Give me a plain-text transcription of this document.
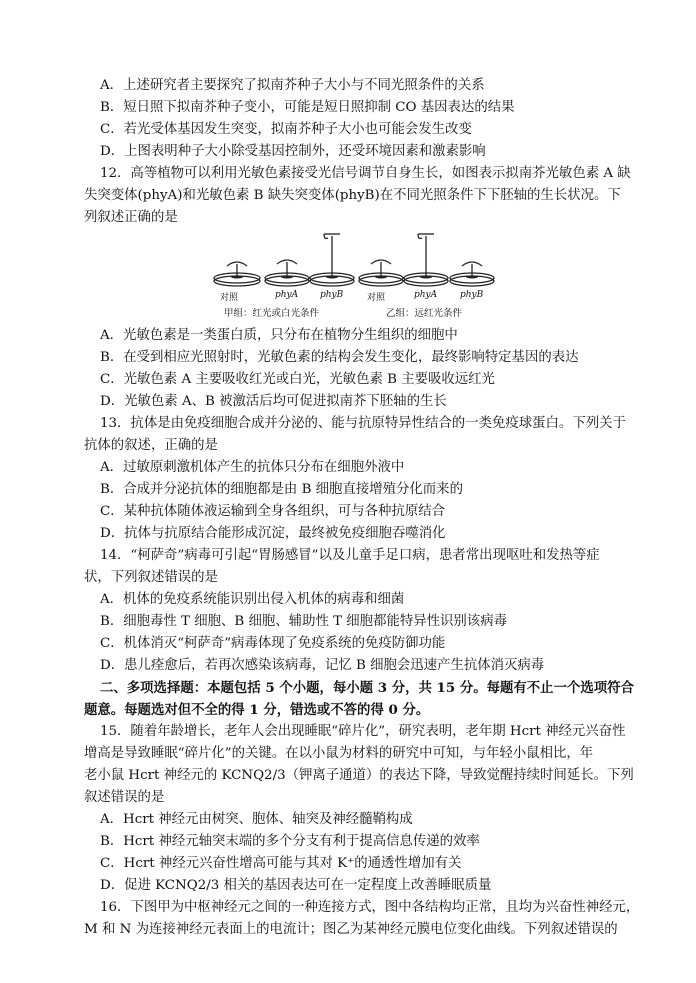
A．上述研究者主要探究了拟南芥种子大小与不同光照条件的关系
B．短日照下拟南芥种子变小，可能是短日照抑制 CO 基因表达的结果
C．若光受体基因发生突变，拟南芥种子大小也可能会发生改变
D．上图表明种子大小除受基因控制外，还受环境因素和激素影响
12．高等植物可以利用光敏色素接受光信号调节自身生长，如图表示拟南芥光敏色素 A 缺
失突变体(phyA)和光敏色素 B 缺失突变体(phyB)在不同光照条件下下胚轴的生长状况。下
列叙述正确的是
对照	phyA phyB	对照	phyA	phyB
甲组：红光或白光条件	乙组：远红光条件
A．光敏色素是一类蛋白质，只分布在植物分生组织的细胞中
B．在受到相应光照射时，光敏色素的结构会发生变化，最终影响特定基因的表达
C．光敏色素 A 主要吸收红光或白光，光敏色素 B 主要吸收远红光
D．光敏色素 A、B 被激活后均可促进拟南芥下胚轴的生长
13．抗体是由免疫细胞合成并分泌的、能与抗原特异性结合的一类免疫球蛋白。下列关于
抗体的叙述，正确的是
A．过敏原刺激机体产生的抗体只分布在细胞外液中
B．合成并分泌抗体的细胞都是由 B 细胞直接增殖分化而来的
C．某种抗体随体液运输到全身各组织，可与各种抗原结合
D．抗体与抗原结合能形成沉淀，最终被免疫细胞吞噬消化
14．“柯萨奇”病毒可引起“胃肠感冒”以及儿童手足口病，患者常出现呕吐和发热等症
状，下列叙述错误的是
A．机体的免疫系统能识别出侵入机体的病毒和细菌
B．细胞毒性 T 细胞、B 细胞、辅助性 T 细胞都能特异性识别该病毒
C．机体消灭“柯萨奇”病毒体现了免疫系统的免疫防御功能
D．患儿痊愈后，若再次感染该病毒，记忆 B 细胞会迅速产生抗体消灭病毒
二、多项选择题：本题包括 5 个小题，每小题 3 分，共 15 分。每题有不止一个选项符合
题意。每题选对但不全的得 1 分，错选或不答的得 0 分。
15．随着年龄增长，老年人会出现睡眠“碎片化”，研究表明，老年期 Hcrt 神经元兴奋性
增高是导致睡眠“碎片化”的关键。在以小鼠为材料的研究中可知，与年轻小鼠相比，年
老小鼠 Hcrt 神经元的 KCNQ2/3（钾离子通道）的表达下降，导致觉醒持续时间延长。下列
叙述错误的是
A．Hcrt 神经元由树突、胞体、轴突及神经髓鞘构成
B．Hcrt 神经元轴突末端的多个分支有利于提高信息传递的效率
C．Hcrt 神经元兴奋性增高可能与其对 K⁺的通透性增加有关
D．促进 KCNQ2/3 相关的基因表达可在一定程度上改善睡眠质量
16．下图甲为中枢神经元之间的一种连接方式，图中各结构均正常，且均为兴奋性神经元，
M 和 N 为连接神经元表面上的电流计；图乙为某神经元膜电位变化曲线。下列叙述错误的
